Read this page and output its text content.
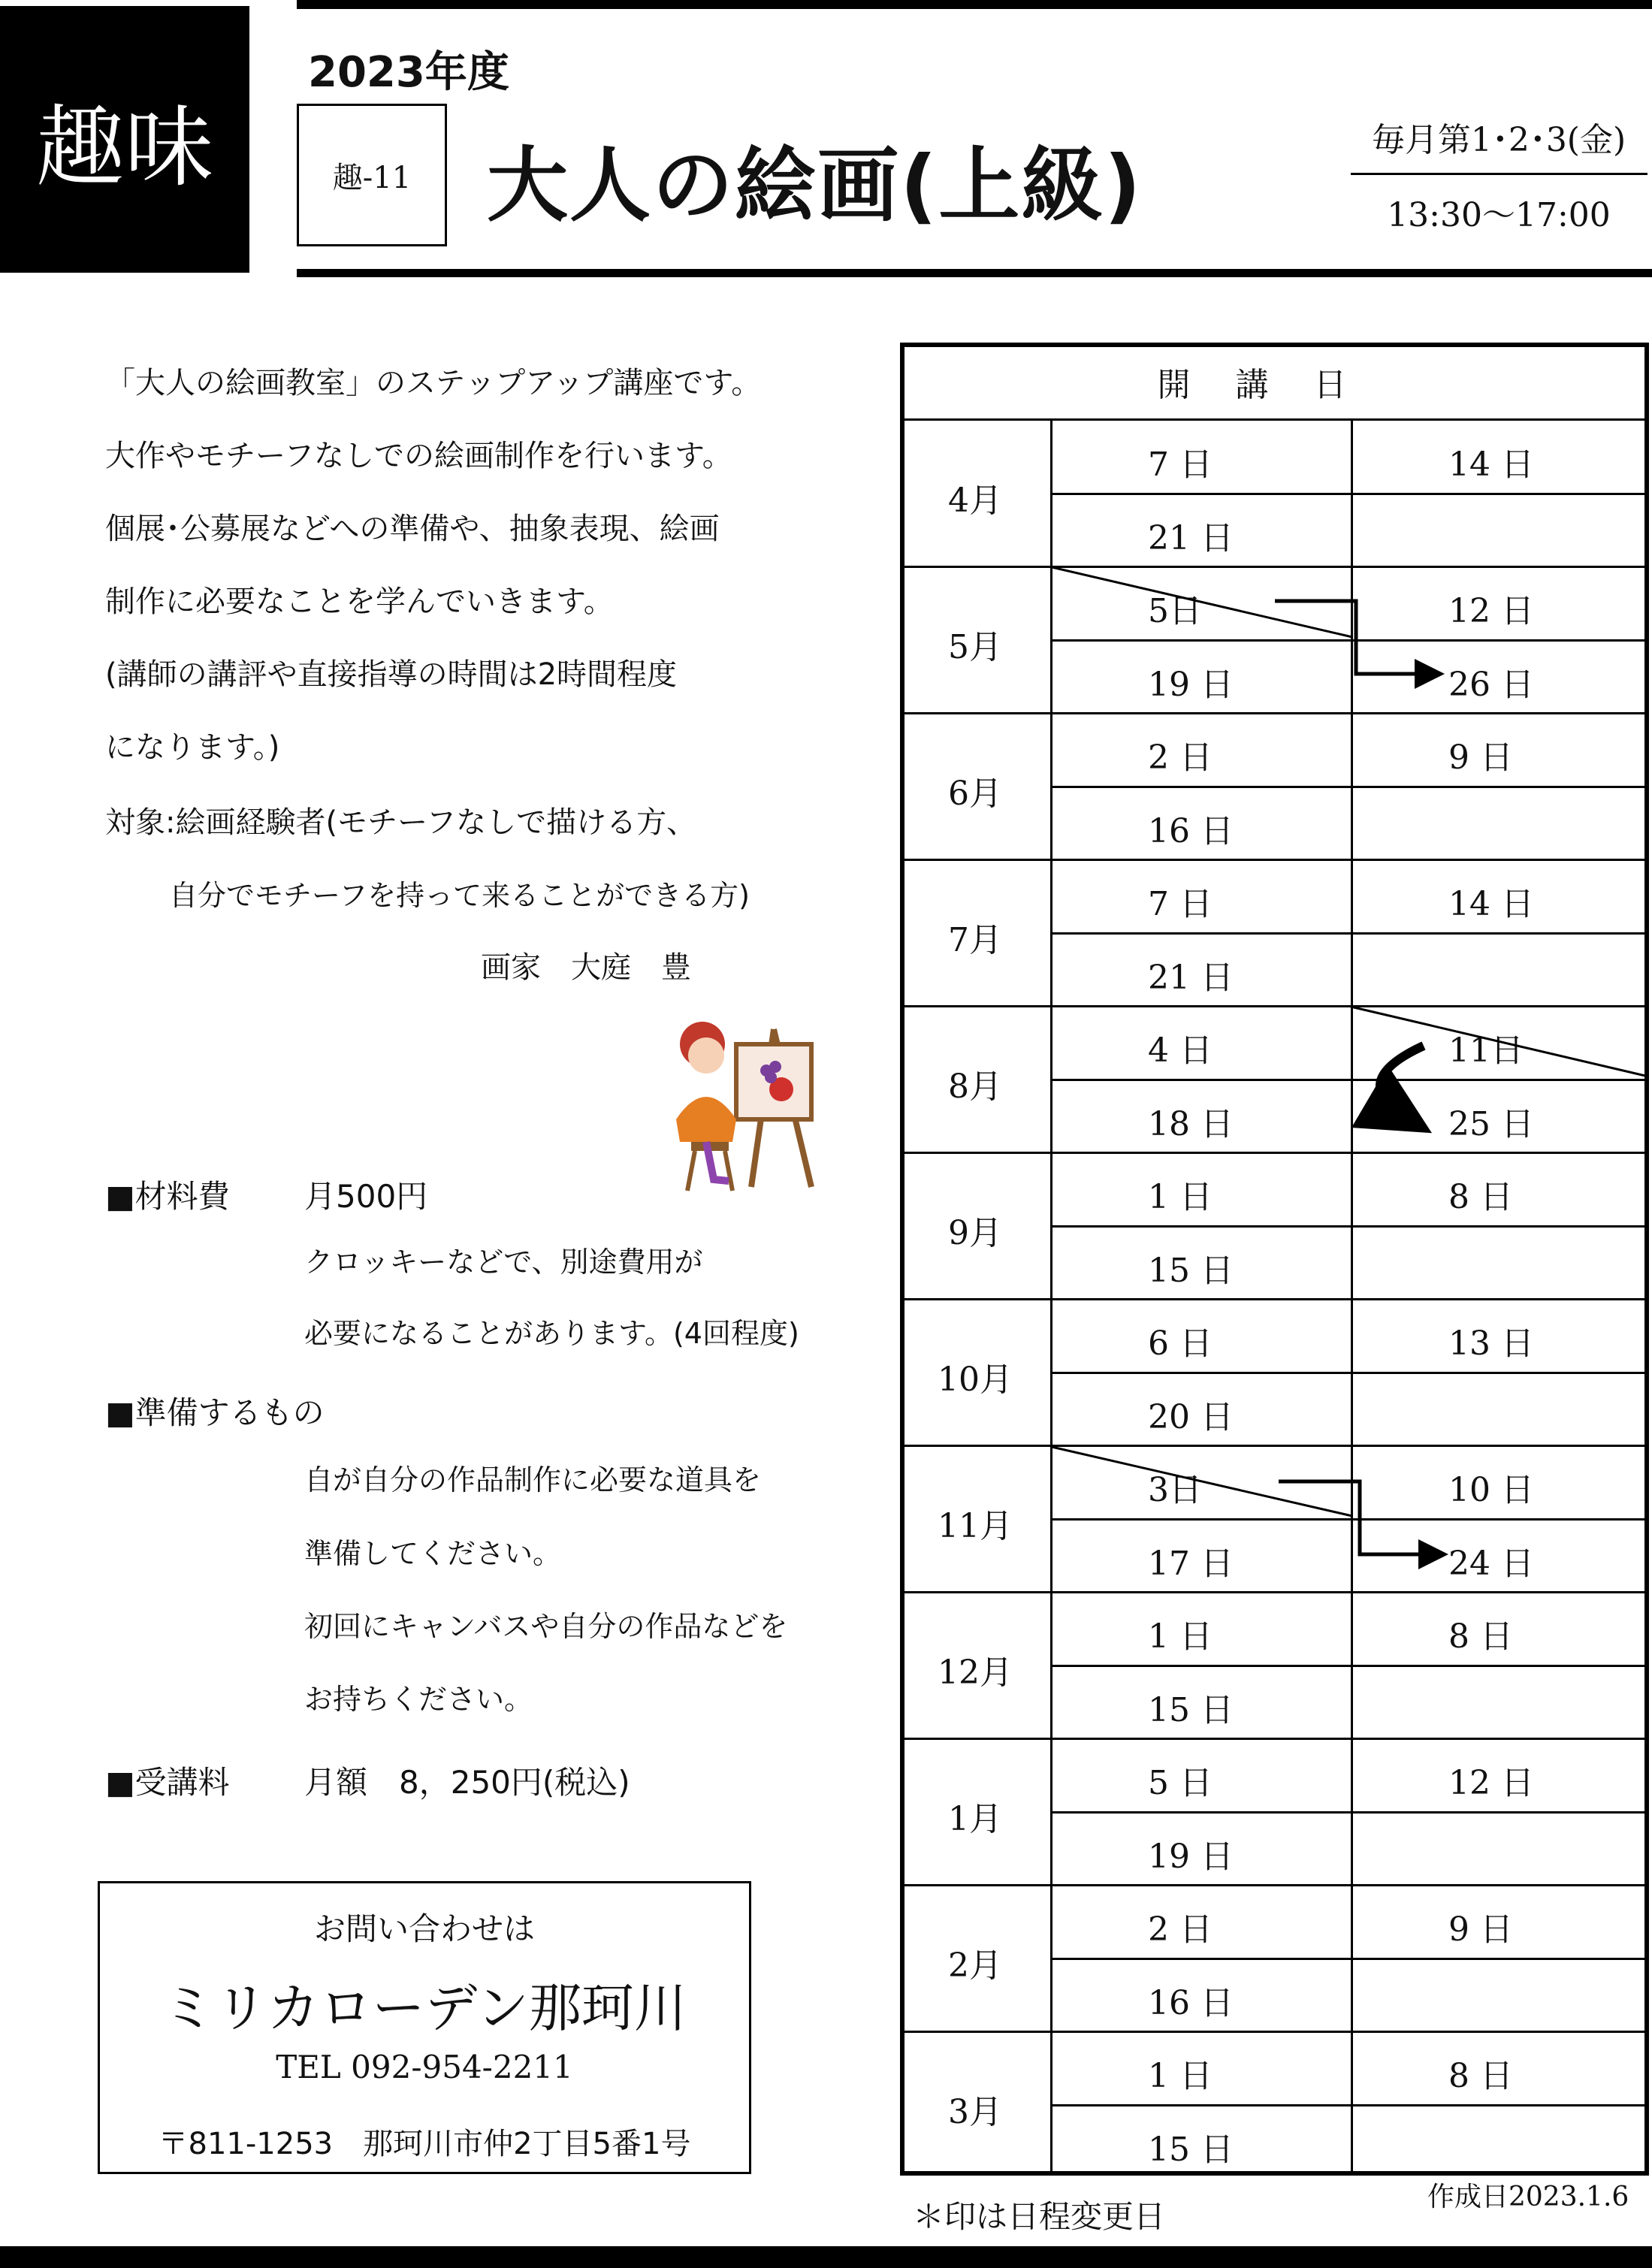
趣味
2023年度
趣-11 大人の絵画(上級)	毎月第1･2･3(金)
13:30～17:00
「大人の絵画教室」のステップアップ講座です。
大作やモチーフなしでの絵画制作を行います。
個展･公募展などへの準備や、抽象表現、絵画
制作に必要なことを学んでいきます。
(講師の講評や直接指導の時間は2時間程度
になります。)
対象:絵画経験者(モチーフなしで描ける方、
自分でモチーフを持って来ることができる方)
画家　大庭　豊
■材料費 月500円
クロッキーなどで、別途費用が
必要になることがあります。(4回程度)
■準備するもの
自が自分の作品制作に必要な道具を
準備してください。
初回にキャンバスや自分の作品などを
お持ちください。
■受講料 月額　8，250円(税込)
お問い合わせは
ミリカローデン那珂川
TEL 092-954-2211
〒811-1253　那珂川市仲2丁目5番1号
開講日
4月
7 日	14 日
21 日
5月
5日	12 日
19 日	26 日
6月
2 日	9 日
16 日
7月
7 日	14 日
21 日
8月
4 日	11日
18 日	25 日
9月
1 日	8 日
15 日
10月
6 日	13 日
20 日
11月
3日	10 日
17 日	24 日
12月
1 日	8 日
15 日
1月
5 日	12 日
19 日
2月
2 日	9 日
16 日
3月
1 日	8 日
15 日
作成日2023.1.6
＊印は日程変更日
